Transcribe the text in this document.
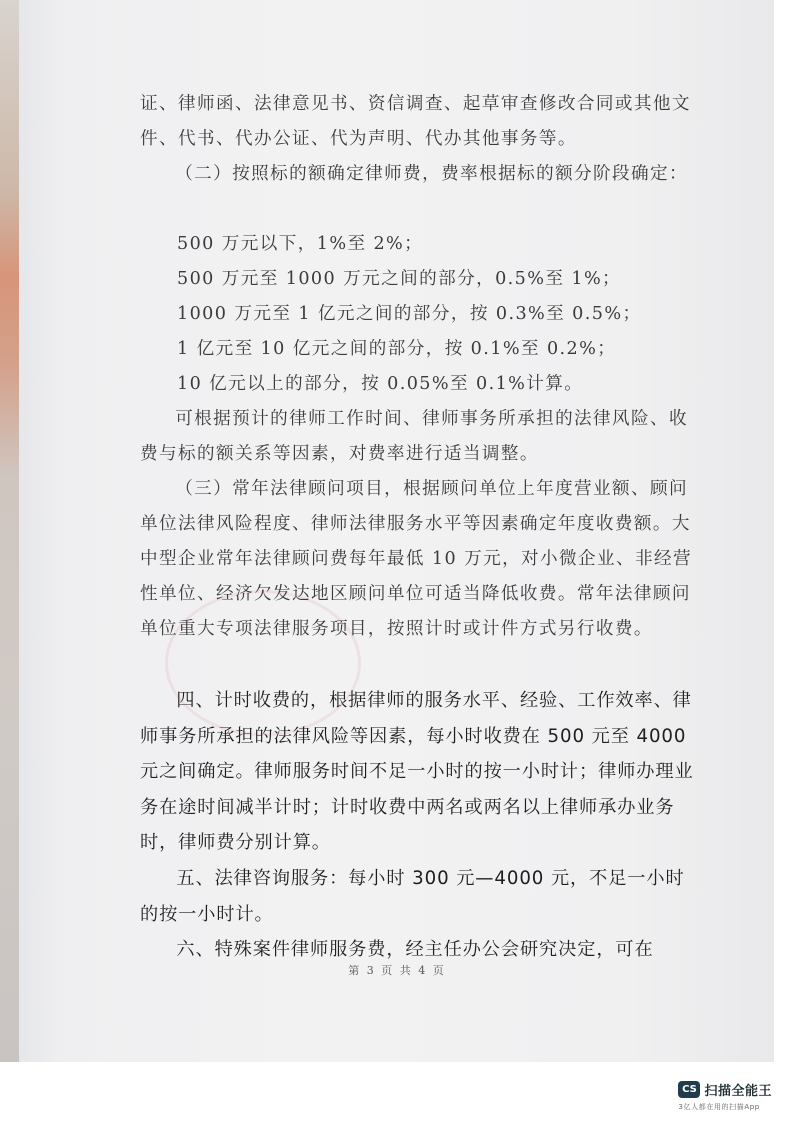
证、律师函、法律意见书、资信调查、起草审查修改合同或其他文件、代书、代办公证、代为声明、代办其他事务等。

（二）按照标的额确定律师费，费率根据标的额分阶段确定：

500 万元以下，1%至 2%；

500 万元至 1000 万元之间的部分，0.5%至 1%；

1000 万元至 1 亿元之间的部分，按 0.3%至 0.5%；

1 亿元至 10 亿元之间的部分，按 0.1%至 0.2%；

10 亿元以上的部分，按 0.05%至 0.1%计算。

可根据预计的律师工作时间、律师事务所承担的法律风险、收费与标的额关系等因素，对费率进行适当调整。

（三）常年法律顾问项目，根据顾问单位上年度营业额、顾问单位法律风险程度、律师法律服务水平等因素确定年度收费额。大中型企业常年法律顾问费每年最低 10 万元，对小微企业、非经营性单位、经济欠发达地区顾问单位可适当降低收费。常年法律顾问单位重大专项法律服务项目，按照计时或计件方式另行收费。

四、计时收费的，根据律师的服务水平、经验、工作效率、律师事务所承担的法律风险等因素，每小时收费在 500 元至 4000 元之间确定。律师服务时间不足一小时的按一小时计；律师办理业务在途时间减半计时；计时收费中两名或两名以上律师承办业务时，律师费分别计算。

五、法律咨询服务：每小时 300 元—4000 元，不足一小时的按一小时计。

六、特殊案件律师服务费，经主任办公会研究决定，可在

第 3 页 共 4 页
CS 扫描全能王
3亿人都在用的扫描App
